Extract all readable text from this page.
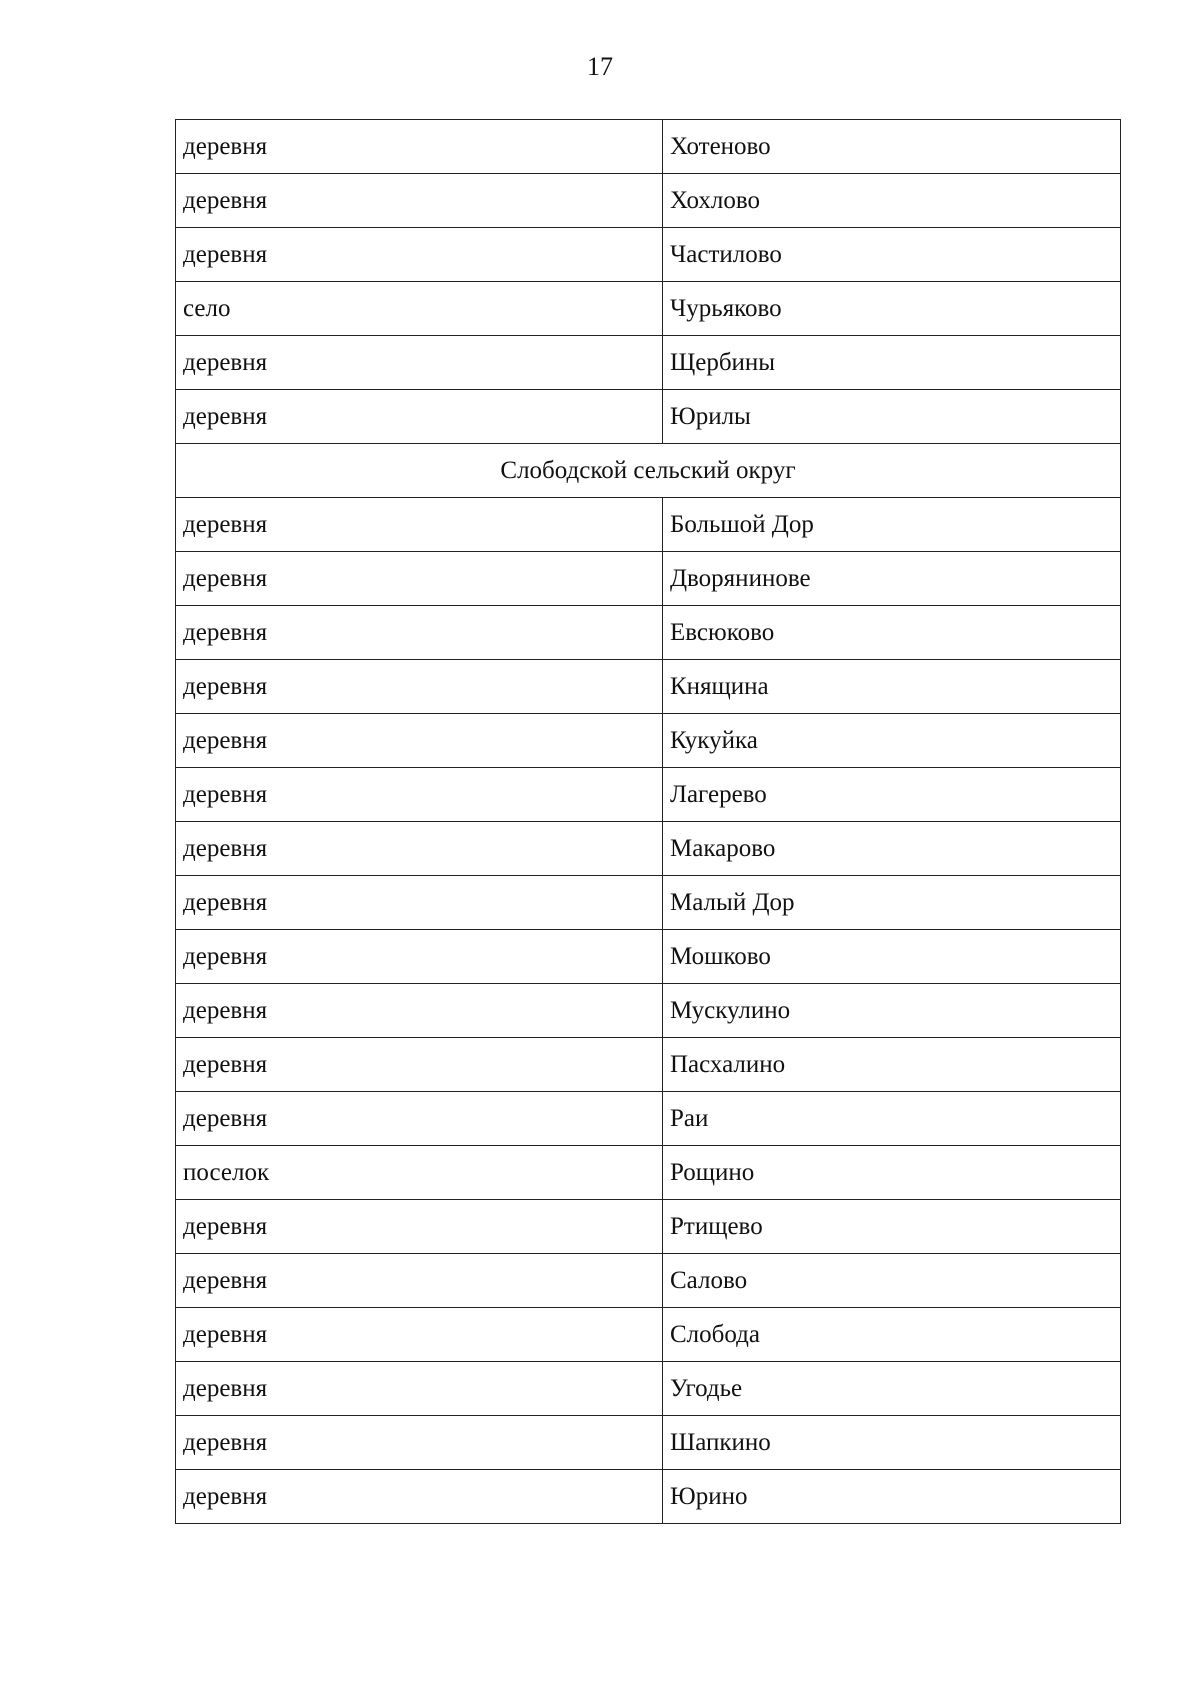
17
деревня	Хотеново
деревня	Хохлово
деревня	Частилово
село	Чурьяково
деревня	Щербины
деревня	Юрилы
Слободской сельский округ	
деревня	Большой Дор
деревня	Дворянинове
деревня	Евсюково
деревня	Княщина
деревня	Кукуйка
деревня	Лагерево
деревня	Макарово
деревня	Малый Дор
деревня	Мошково
деревня	Мускулино
деревня	Пасхалино
деревня	Раи
поселок	Рощино
деревня	Ртищево
деревня	Салово
деревня	Слобода
деревня	Угодье
деревня	Шапкино
деревня	Юрино
